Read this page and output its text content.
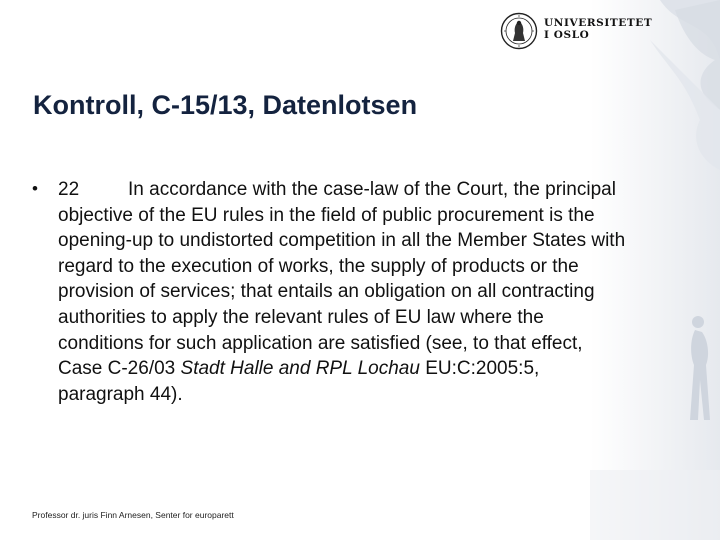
UNIVERSITETET
I OSLO
Kontroll, C-15/13, Datenlotsen
• 22	In accordance with the case-law of the Court, the principal objective of the EU rules in the field of public procurement is the opening-up to undistorted competition in all the Member States with regard to the execution of works, the supply of products or the provision of services; that entails an obligation on all contracting authorities to apply the relevant rules of EU law where the conditions for such application are satisfied (see, to that effect, Case C‑26/03 Stadt Halle and RPL Lochau EU:C:2005:5, paragraph 44).

Professor dr. juris Finn Arnesen, Senter for europarett
